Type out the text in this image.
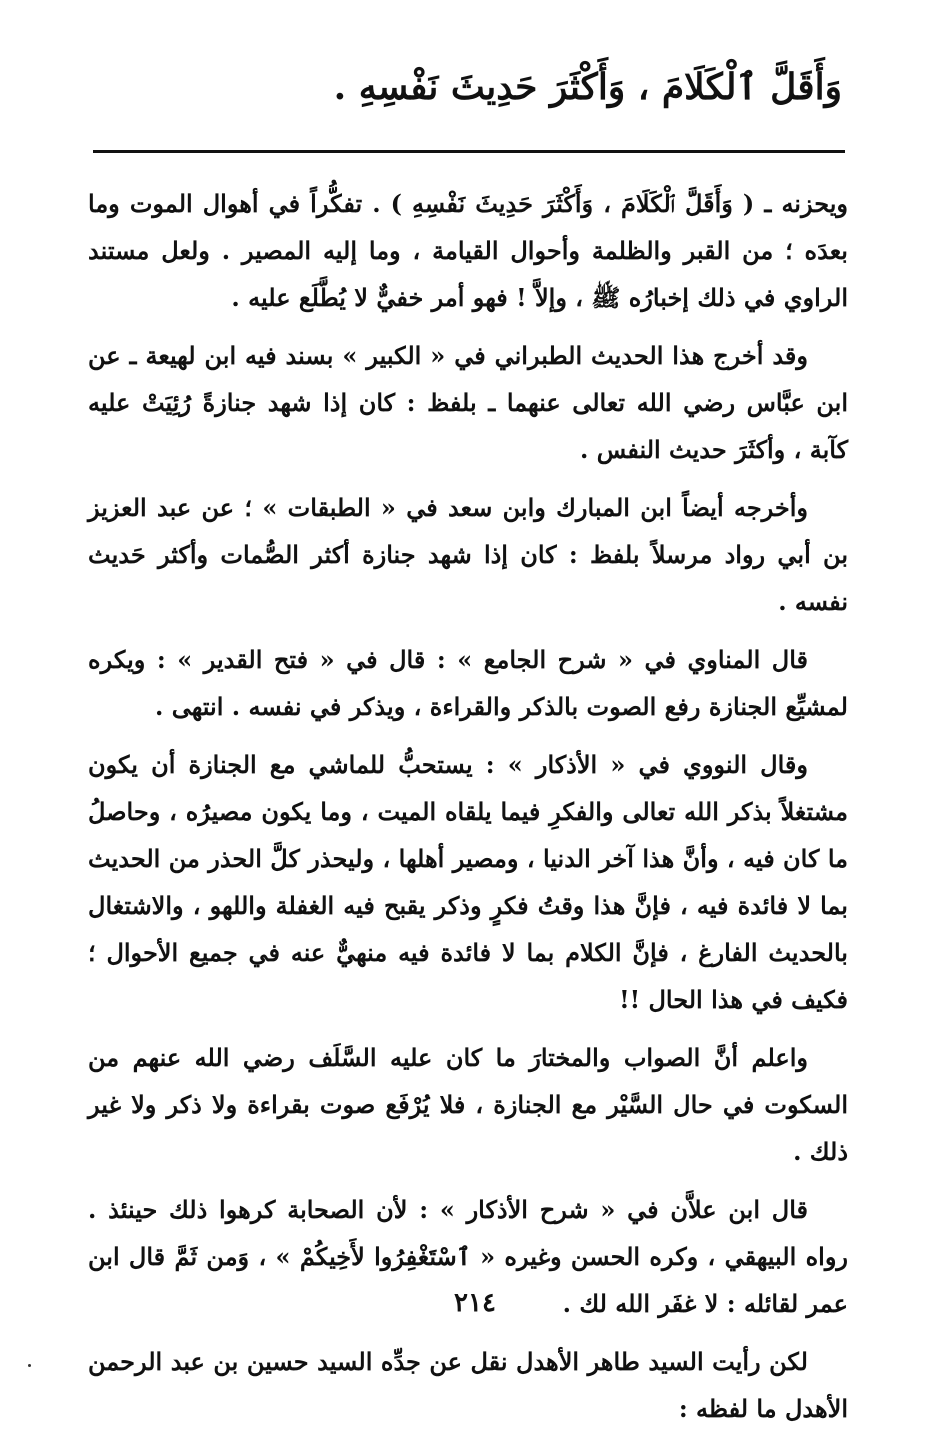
وَأَقَلَّ ٱلْكَلَامَ ، وَأَكْثَرَ حَدِيثَ نَفْسِهِ .

ويحزنه ـ ( وَأَقَلَّ ٱلْكَلَامَ ، وَأَكْثَرَ حَدِيثَ نَفْسِهِ ) . تفكُّراً في أهوال الموت وما بعدَه ؛ من القبر والظلمة وأحوال القيامة ، وما إليه المصير . ولعل مستند الراوي في ذلك إخبارُه ﷺ ، وإلاَّ ! فهو أمر خفيٌّ لا يُطَّلَع عليه .

وقد أخرج هذا الحديث الطبراني في « الكبير » بسند فيه ابن لهيعة ـ عن ابن عبَّاس رضي الله تعالى عنهما ـ بلفظ : كان إذا شهد جنازةً رُئِيَتْ عليه كآبة ، وأكثَرَ حديث النفس .

وأخرجه أيضاً ابن المبارك وابن سعد في « الطبقات » ؛ عن عبد العزيز بن أبي رواد مرسلاً بلفظ : كان إذا شهد جنازة أكثر الصُّمات وأكثر حَديث نفسه .

قال المناوي في « شرح الجامع » : قال في « فتح القدير » : ويكره لمشيِّع الجنازة رفع الصوت بالذكر والقراءة ، ويذكر في نفسه . انتهى .

وقال النووي في « الأذكار » : يستحبُّ للماشي مع الجنازة أن يكون مشتغلاً بذكر الله تعالى والفكرِ فيما يلقاه الميت ، وما يكون مصيرُه ، وحاصلُ ما كان فيه ، وأنَّ هذا آخر الدنيا ، ومصير أهلها ، وليحذر كلَّ الحذر من الحديث بما لا فائدة فيه ، فإنَّ هذا وقتُ فكرٍ وذكر يقبح فيه الغفلة واللهو ، والاشتغال بالحديث الفارغ ، فإنَّ الكلام بما لا فائدة فيه منهيٌّ عنه في جميع الأحوال ؛ فكيف في هذا الحال !!

واعلم أنَّ الصواب والمختارَ ما كان عليه السَّلَف رضي الله عنهم من السكوت في حال السَّيْر مع الجنازة ، فلا يُرْفَع صوت بقراءة ولا ذكر ولا غير ذلك .

قال ابن علاَّن في « شرح الأذكار » : لأن الصحابة كرهوا ذلك حينئذ . رواه البيهقي ، وكره الحسن وغيره « ٱسْتَغْفِرُوا لأَخِيكُمْ » ، وَمن ثَمَّ قال ابن عمر لقائله : لا غفَر الله لك .

لكن رأيت السيد طاهر الأهدل نقل عن جدِّه السيد حسين بن عبد الرحمن الأهدل ما لفظه :

٢١٤
